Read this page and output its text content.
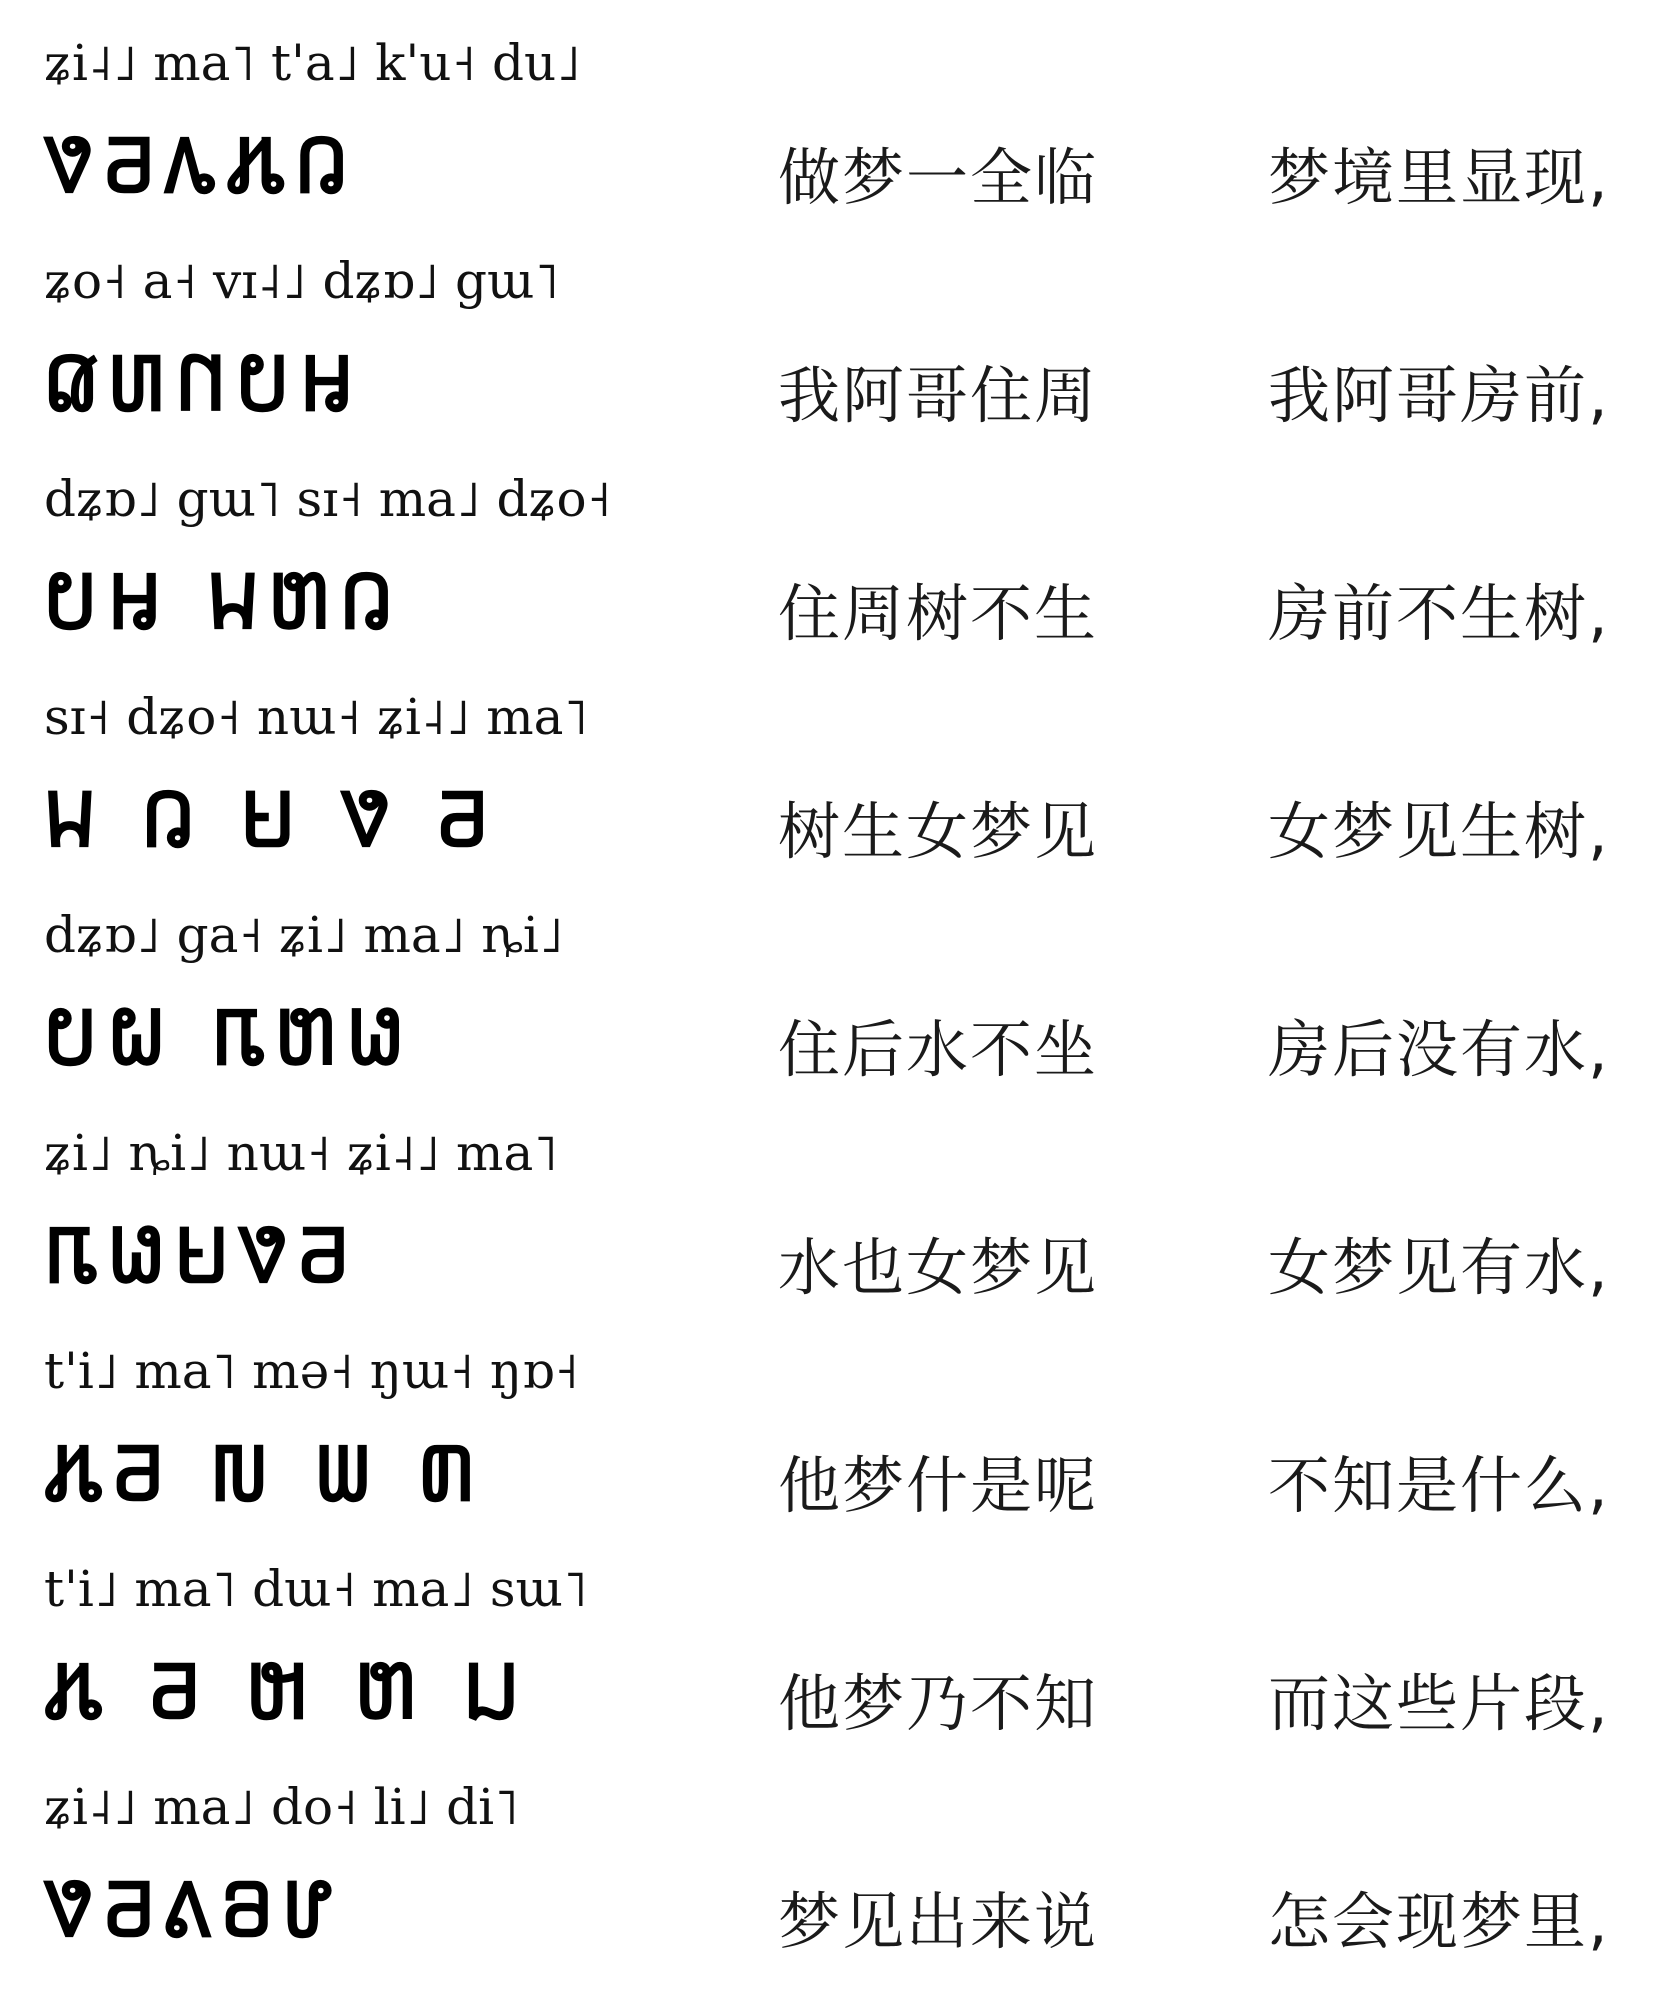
ʑi˨˩ ma˥ t'a˩ k'u˧ du˩
𖬀𖬁𖬂𖬃𖬄	做梦一全临	梦境里显现,
ʑo˧ a˧ vɪ˨˩ dʑɒ˩ gɯ˥
𖬅𖬆𖬇𖬈𖬉	我阿哥住周	我阿哥房前,
dʑɒ˩ gɯ˥ sɪ˧ ma˩ dʑo˧
𖬈𖬉 𖬊𖬋𖬄	住周树不生	房前不生树,
sɪ˧ dʑo˧ nɯ˧ ʑi˨˩ ma˥
𖬊 𖬄 𖬌 𖬀 𖬁	树生女梦见	女梦见生树,
dʑɒ˩ ga˧ ʑi˩ ma˩ ȵi˩
𖬈𖬍 𖬎𖬋𖬏	住后水不坐	房后没有水,
ʑi˩ ȵi˩ nɯ˧ ʑi˨˩ ma˥
𖬎𖬏𖬌𖬀𖬁	水也女梦见	女梦见有水,
t'i˩ ma˥ mə˧ ŋɯ˧ ŋɒ˧
𖬃𖬁 𖬐 𖬑 𖬒	他梦什是呢	不知是什么,
t'i˩ ma˥ dɯ˧ ma˩ sɯ˥
𖬃 𖬁 𖬓 𖬋 𖬔	他梦乃不知	而这些片段,
ʑi˨˩ ma˩ do˧ li˩ di˥
𖬀𖬁𖬕𖬖𖬗	梦见出来说	怎会现梦里,
